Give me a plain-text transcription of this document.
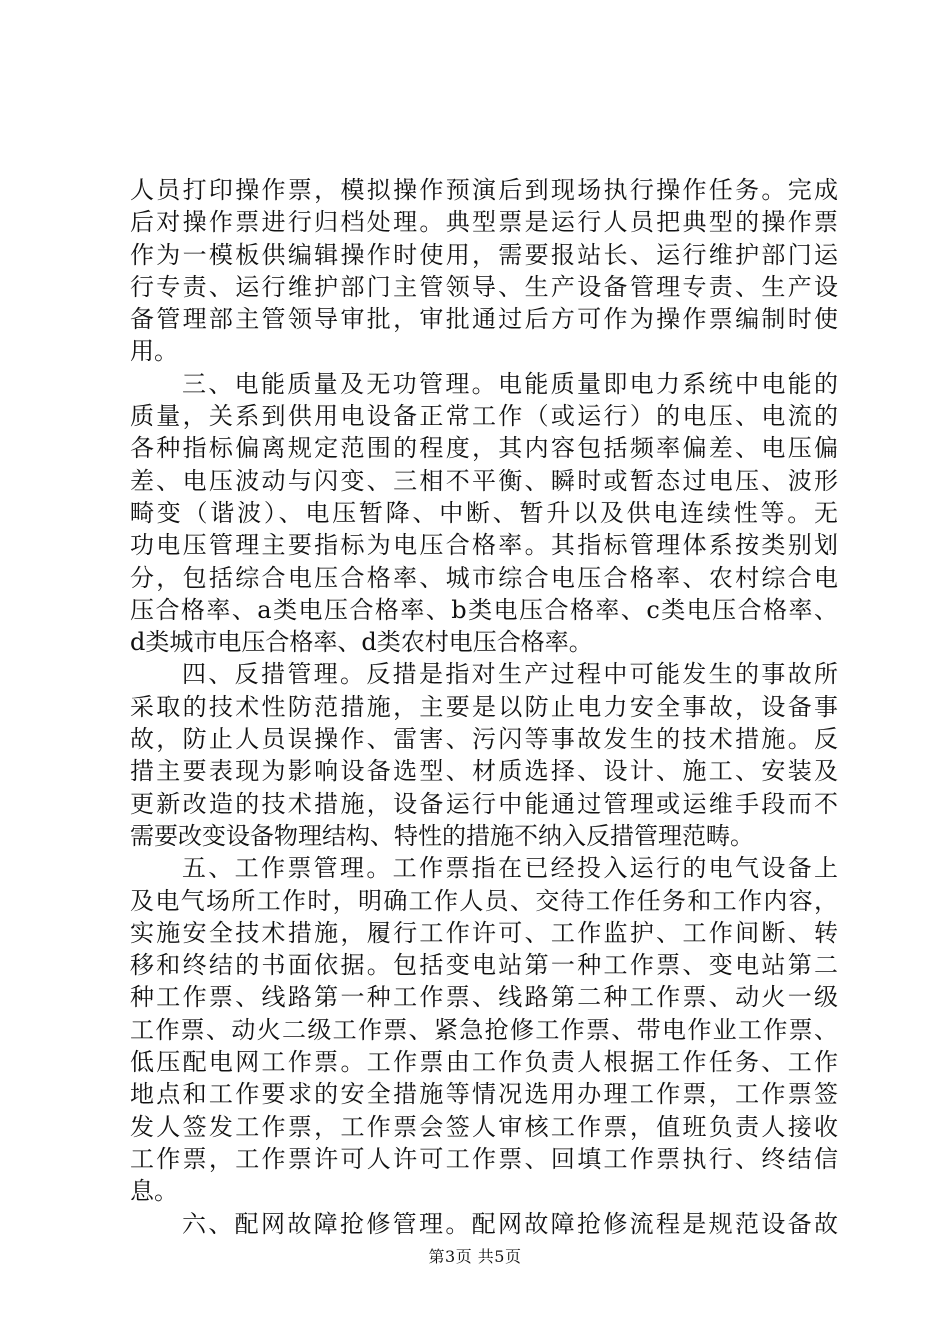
人员打印操作票，模拟操作预演后到现场执行操作任务。完成
后对操作票进行归档处理。典型票是运行人员把典型的操作票
作为一模板供编辑操作时使用，需要报站长、运行维护部门运
行专责、运行维护部门主管领导、生产设备管理专责、生产设
备管理部主管领导审批，审批通过后方可作为操作票编制时使
用。
三、电能质量及无功管理。电能质量即电力系统中电能的
质量，关系到供用电设备正常工作（或运行）的电压、电流的
各种指标偏离规定范围的程度，其内容包括频率偏差、电压偏
差、电压波动与闪变、三相不平衡、瞬时或暂态过电压、波形
畸变（谐波）、电压暂降、中断、暂升以及供电连续性等。无
功电压管理主要指标为电压合格率。其指标管理体系按类别划
分，包括综合电压合格率、城市综合电压合格率、农村综合电
压合格率、a类电压合格率、b类电压合格率、c类电压合格率、
d类城市电压合格率、d类农村电压合格率。
四、反措管理。反措是指对生产过程中可能发生的事故所
采取的技术性防范措施，主要是以防止电力安全事故，设备事
故，防止人员误操作、雷害、污闪等事故发生的技术措施。反
措主要表现为影响设备选型、材质选择、设计、施工、安装及
更新改造的技术措施，设备运行中能通过管理或运维手段而不
需要改变设备物理结构、特性的措施不纳入反措管理范畴。
五、工作票管理。工作票指在已经投入运行的电气设备上
及电气场所工作时，明确工作人员、交待工作任务和工作内容，
实施安全技术措施，履行工作许可、工作监护、工作间断、转
移和终结的书面依据。包括变电站第一种工作票、变电站第二
种工作票、线路第一种工作票、线路第二种工作票、动火一级
工作票、动火二级工作票、紧急抢修工作票、带电作业工作票、
低压配电网工作票。工作票由工作负责人根据工作任务、工作
地点和工作要求的安全措施等情况选用办理工作票，工作票签
发人签发工作票，工作票会签人审核工作票，值班负责人接收
工作票，工作票许可人许可工作票、回填工作票执行、终结信
息。
六、配网故障抢修管理。配网故障抢修流程是规范设备故
第3页 共5页
